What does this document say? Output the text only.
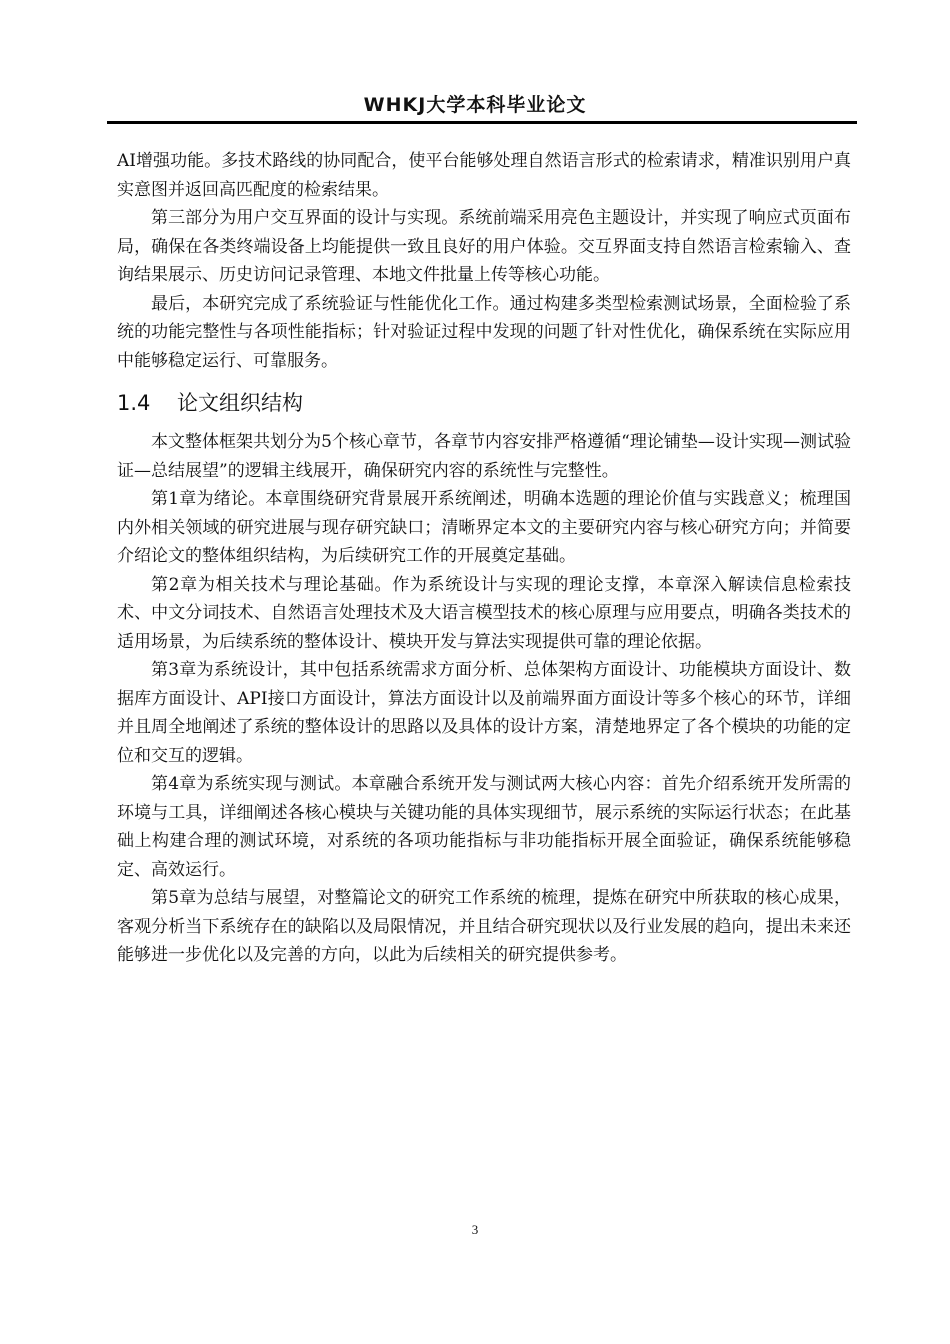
WHKJ大学本科毕业论文

AI增强功能。多技术路线的协同配合，使平台能够处理自然语言形式的检索请求，精准识别用户真实意图并返回高匹配度的检索结果。

第三部分为用户交互界面的设计与实现。系统前端采用亮色主题设计，并实现了响应式页面布局，确保在各类终端设备上均能提供一致且良好的用户体验。交互界面支持自然语言检索输入、查询结果展示、历史访问记录管理、本地文件批量上传等核心功能。

最后，本研究完成了系统验证与性能优化工作。通过构建多类型检索测试场景，全面检验了系统的功能完整性与各项性能指标；针对验证过程中发现的问题了针对性优化，确保系统在实际应用中能够稳定运行、可靠服务。

1.4 论文组织结构

本文整体框架共划分为5个核心章节，各章节内容安排严格遵循“理论铺垫—设计实现—测试验证—总结展望”的逻辑主线展开，确保研究内容的系统性与完整性。

第1章为绪论。本章围绕研究背景展开系统阐述，明确本选题的理论价值与实践意义；梳理国内外相关领域的研究进展与现存研究缺口；清晰界定本文的主要研究内容与核心研究方向；并简要介绍论文的整体组织结构，为后续研究工作的开展奠定基础。

第2章为相关技术与理论基础。作为系统设计与实现的理论支撑，本章深入解读信息检索技术、中文分词技术、自然语言处理技术及大语言模型技术的核心原理与应用要点，明确各类技术的适用场景，为后续系统的整体设计、模块开发与算法实现提供可靠的理论依据。

第3章为系统设计，其中包括系统需求方面分析、总体架构方面设计、功能模块方面设计、数据库方面设计、API接口方面设计，算法方面设计以及前端界面方面设计等多个核心的环节，详细并且周全地阐述了系统的整体设计的思路以及具体的设计方案，清楚地界定了各个模块的功能的定位和交互的逻辑。

第4章为系统实现与测试。本章融合系统开发与测试两大核心内容：首先介绍系统开发所需的环境与工具，详细阐述各核心模块与关键功能的具体实现细节，展示系统的实际运行状态；在此基础上构建合理的测试环境，对系统的各项功能指标与非功能指标开展全面验证，确保系统能够稳定、高效运行。

第5章为总结与展望，对整篇论文的研究工作系统的梳理，提炼在研究中所获取的核心成果，客观分析当下系统存在的缺陷以及局限情况，并且结合研究现状以及行业发展的趋向，提出未来还能够进一步优化以及完善的方向，以此为后续相关的研究提供参考。

3
